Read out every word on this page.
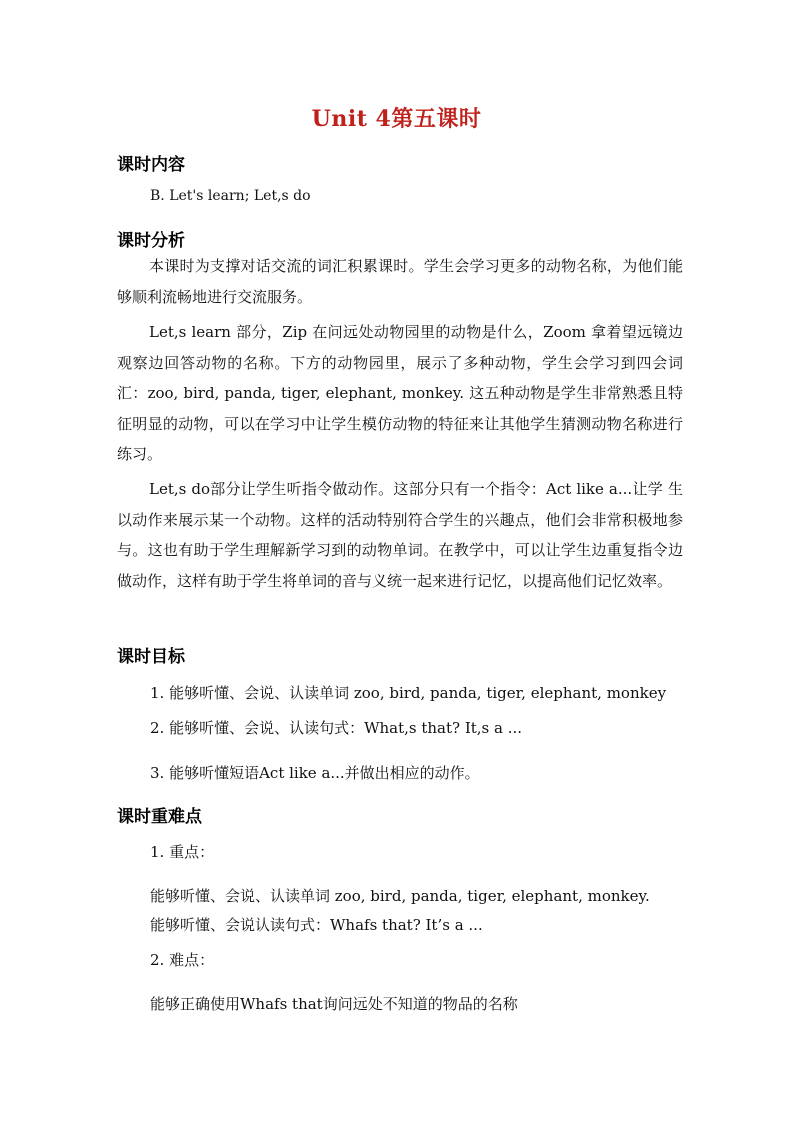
Unit 4第五课时
课时内容
B. Let's learn; Let,s do
课时分析
本课时为支撑对话交流的词汇积累课时。学生会学习更多的动物名称，为他们能够顺利流畅地进行交流服务。
Let,s learn 部分，Zip 在问远处动物园里的动物是什么，Zoom 拿着望远镜边观察边回答动物的名称。下方的动物园里，展示了多种动物，学生会学习到四会词汇：zoo, bird, panda, tiger, elephant, monkey. 这五种动物是学生非常熟悉且特征明显的动物，可以在学习中让学生模仿动物的特征来让其他学生猜测动物名称进行练习。
Let,s do部分让学生听指令做动作。这部分只有一个指令：Act like a...让学 生以动作来展示某一个动物。这样的活动特别符合学生的兴趣点，他们会非常积极地参与。这也有助于学生理解新学习到的动物单词。在教学中，可以让学生边重复指令边做动作，这样有助于学生将单词的音与义统一起来进行记忆，以提高他们记忆效率。
课时目标
1. 能够听懂、会说、认读单词 zoo, bird, panda, tiger, elephant, monkey
2. 能够听懂、会说、认读句式：What,s that? It,s a ...
3. 能够听懂短语Act like a...并做出相应的动作。
课时重难点
1. 重点：
能够听懂、会说、认读单词 zoo, bird, panda, tiger, elephant, monkey.
能够听懂、会说认读句式：Whafs that? It’s a ...
2. 难点：
能够正确使用Whafs that询问远处不知道的物品的名称
